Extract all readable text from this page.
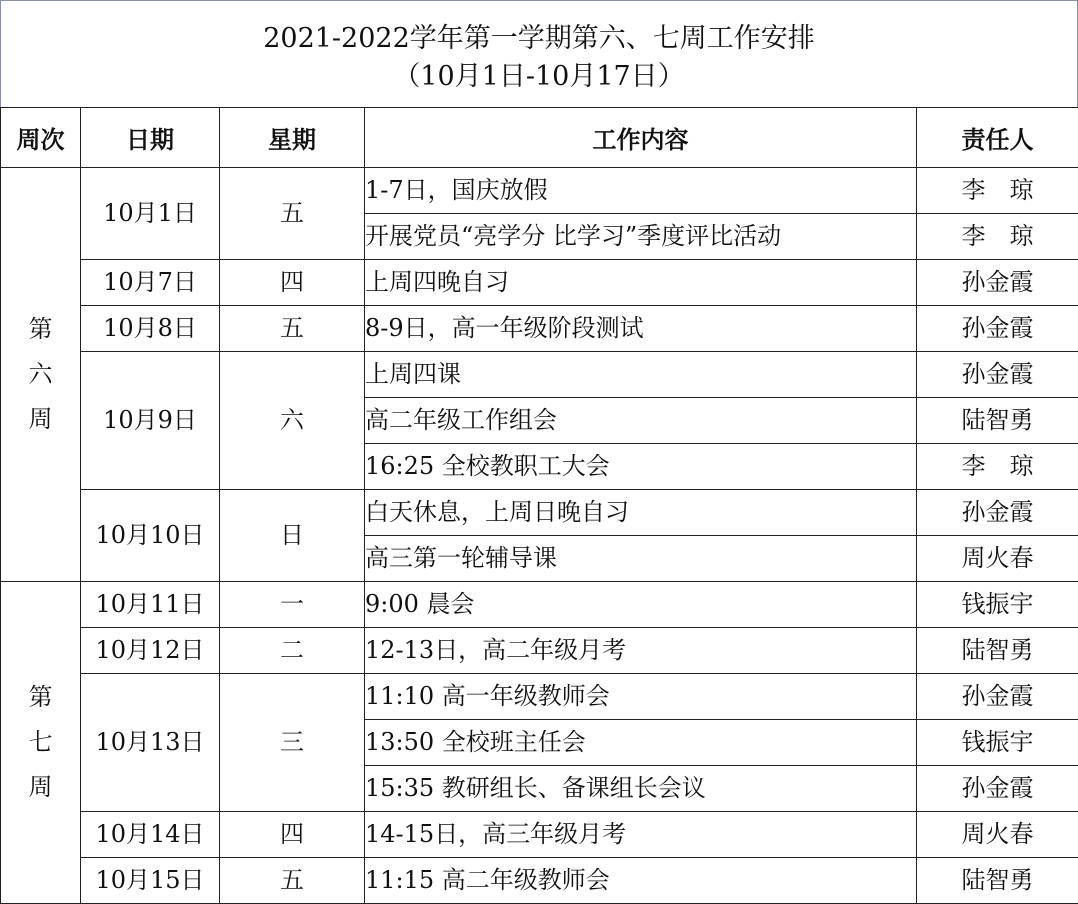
2021-2022学年第一学期第六、七周工作安排
（10月1日-10月17日）
周次	日期	星期	工作内容	责任人

第
六
周	10月1日	五	1-7日，国庆放假	李　琼
			开展党员“亮学分 比学习”季度评比活动	李　琼
	10月7日	四	上周四晚自习	孙金霞
	10月8日	五	8-9日，高一年级阶段测试	孙金霞
	10月9日	六	上周四课	孙金霞
			高二年级工作组会	陆智勇
			16:25 全校教职工大会	李　琼
	10月10日	日	白天休息，上周日晚自习	孙金霞
			高三第一轮辅导课	周火春

第
七
周	10月11日	一	9:00 晨会	钱振宇
	10月12日	二	12-13日，高二年级月考	陆智勇
	10月13日	三	11:10 高一年级教师会	孙金霞
			13:50 全校班主任会	钱振宇
			15:35 教研组长、备课组长会议	孙金霞
	10月14日	四	14-15日，高三年级月考	周火春
	10月15日	五	11:15 高二年级教师会	陆智勇
